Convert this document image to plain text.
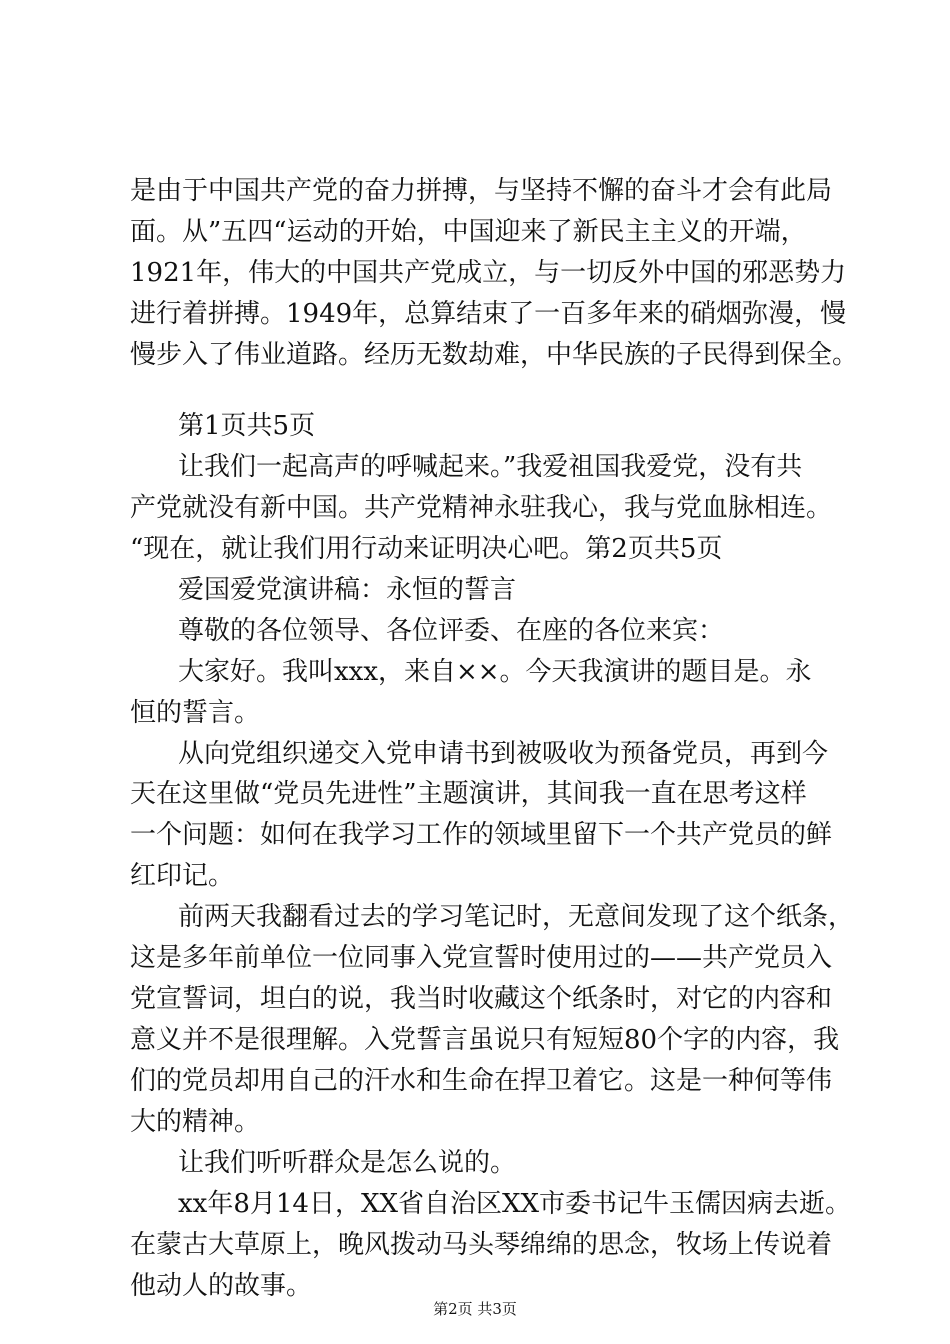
是由于中国共产党的奋力拼搏，与坚持不懈的奋斗才会有此局
面。从”五四“运动的开始，中国迎来了新民主主义的开端，
1921年，伟大的中国共产党成立，与一切反外中国的邪恶势力
进行着拼搏。1949年，总算结束了一百多年来的硝烟弥漫，慢
慢步入了伟业道路。经历无数劫难，中华民族的子民得到保全。
第1页共5页
让我们一起高声的呼喊起来。”我爱祖国我爱党，没有共
产党就没有新中国。共产党精神永驻我心，我与党血脉相连。
“现在，就让我们用行动来证明决心吧。第2页共5页
爱国爱党演讲稿：永恒的誓言
尊敬的各位领导、各位评委、在座的各位来宾：
大家好。我叫xxx，来自××。今天我演讲的题目是。永
恒的誓言。
从向党组织递交入党申请书到被吸收为预备党员，再到今
天在这里做“党员先进性”主题演讲，其间我一直在思考这样
一个问题：如何在我学习工作的领域里留下一个共产党员的鲜
红印记。
前两天我翻看过去的学习笔记时，无意间发现了这个纸条，
这是多年前单位一位同事入党宣誓时使用过的——共产党员入
党宣誓词，坦白的说，我当时收藏这个纸条时，对它的内容和
意义并不是很理解。入党誓言虽说只有短短80个字的内容，我
们的党员却用自己的汗水和生命在捍卫着它。这是一种何等伟
大的精神。
让我们听听群众是怎么说的。
xx年8月14日，XX省自治区XX市委书记牛玉儒因病去逝。
在蒙古大草原上，晚风拨动马头琴绵绵的思念，牧场上传说着
他动人的故事。
第2页 共3页
